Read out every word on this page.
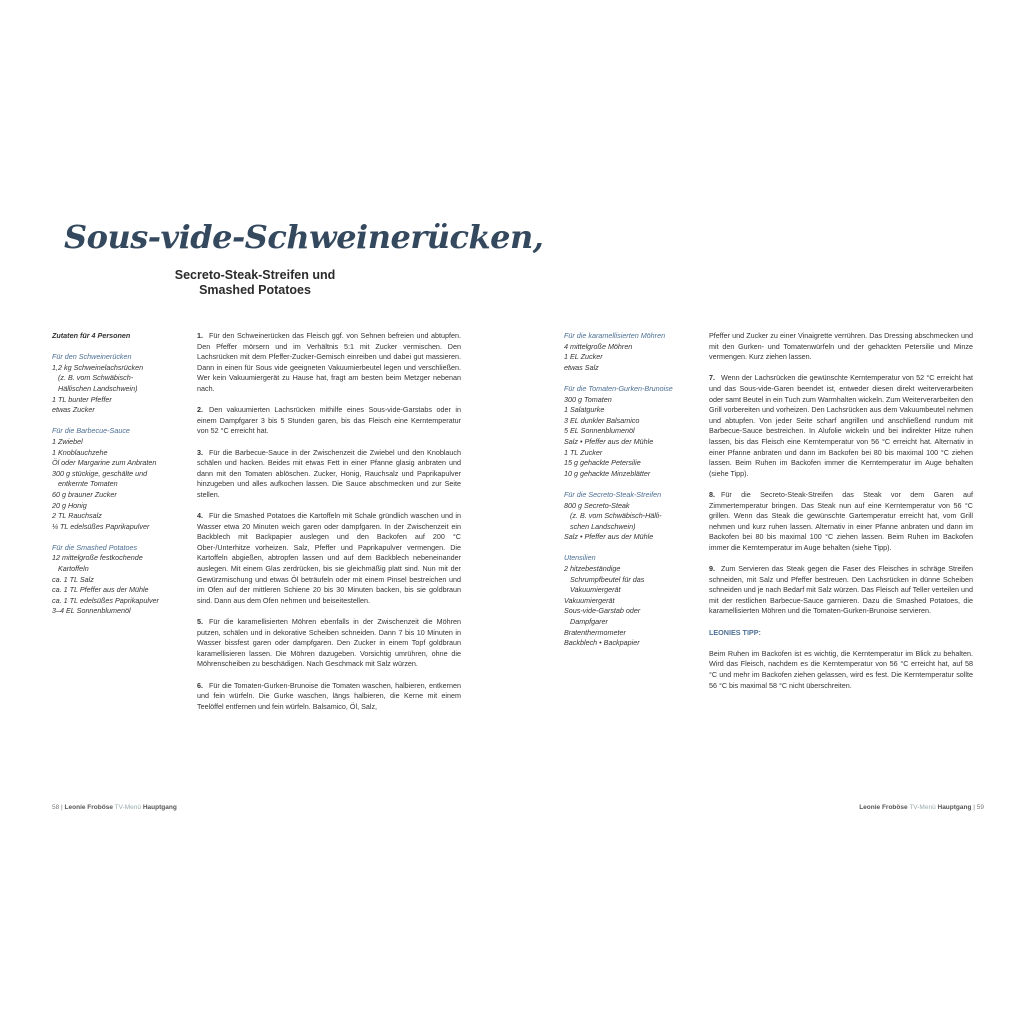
Sous-vide-Schweinerücken,
Secreto-Steak-Streifen und
Smashed Potatoes
Zutaten für 4 Personen
Für den Schweinerücken
1,2 kg Schweinelachsrücken
(z. B. vom Schwäbisch-
Hällischen Landschwein)
1 TL bunter Pfeffer
etwas Zucker
Für die Barbecue-Sauce
1 Zwiebel
1 Knoblauchzehe
Öl oder Margarine zum Anbraten
300 g stückige, geschälte und
entkernte Tomaten
60 g brauner Zucker
20 g Honig
2 TL Rauchsalz
¼ TL edelsüßes Paprikapulver
Für die Smashed Potatoes
12 mittelgroße festkochende
Kartoffeln
ca. 1 TL Salz
ca. 1 TL Pfeffer aus der Mühle
ca. 1 TL edelsüßes Paprikapulver
3–4 EL Sonnenblumenöl

1. Für den Schweinerücken das Fleisch ggf. von Sehnen befreien und abtupfen. Den Pfeffer mörsern und im Verhältnis 5:1 mit Zucker vermischen. Den Lachsrücken mit dem Pfeffer-Zucker-Gemisch einreiben und dabei gut massieren. Dann in einen für Sous vide geeigneten Vakuumierbeutel legen und verschließen. Wer kein Vakuumiergerät zu Hause hat, fragt am besten beim Metzger nebenan nach.

2. Den vakuumierten Lachsrücken mithilfe eines Sous-vide-Garstabs oder in einem Dampfgarer 3 bis 5 Stunden garen, bis das Fleisch eine Kerntemperatur von 52 °C erreicht hat.

3. Für die Barbecue-Sauce in der Zwischenzeit die Zwiebel und den Knoblauch schälen und hacken. Beides mit etwas Fett in einer Pfanne glasig anbraten und dann mit den Tomaten ablöschen. Zucker, Honig, Rauchsalz und Paprikapulver hinzugeben und alles aufkochen lassen. Die Sauce abschmecken und zur Seite stellen.

4. Für die Smashed Potatoes die Kartoffeln mit Schale gründlich waschen und in Wasser etwa 20 Minuten weich garen oder dampfgaren. In der Zwischenzeit ein Backblech mit Backpapier auslegen und den Backofen auf 200 °C Ober-/Unterhitze vorheizen. Salz, Pfeffer und Paprikapulver vermengen. Die Kartoffeln abgießen, abtropfen lassen und auf dem Backblech nebeneinander auslegen. Mit einem Glas zerdrücken, bis sie gleichmäßig platt sind. Nun mit der Gewürzmischung und etwas Öl beträufeln oder mit einem Pinsel bestreichen und im Ofen auf der mittleren Schiene 20 bis 30 Minuten backen, bis sie goldbraun sind. Dann aus dem Ofen nehmen und beiseitestellen.

5. Für die karamellisierten Möhren ebenfalls in der Zwischenzeit die Möhren putzen, schälen und in dekorative Scheiben schneiden. Dann 7 bis 10 Minuten in Wasser bissfest garen oder dampfgaren. Den Zucker in einem Topf goldbraun karamellisieren lassen. Die Möhren dazugeben. Vorsichtig umrühren, ohne die Möhrenscheiben zu beschädigen. Nach Geschmack mit Salz würzen.

6. Für die Tomaten-Gurken-Brunoise die Tomaten waschen, halbieren, entkernen und fein würfeln. Die Gurke waschen, längs halbieren, die Kerne mit einem Teelöffel entfernen und fein würfeln. Balsamico, Öl, Salz,

58 | Leonie Froböse TV-Menü Hauptgang
Für die karamellisierten Möhren
4 mittelgroße Möhren
1 EL Zucker
etwas Salz
Für die Tomaten-Gurken-Brunoise
300 g Tomaten
1 Salatgurke
3 EL dunkler Balsamico
5 EL Sonnenblumenöl
Salz • Pfeffer aus der Mühle
1 TL Zucker
15 g gehackte Petersilie
10 g gehackte Minzeblätter
Für die Secreto-Steak-Streifen
800 g Secreto-Steak
(z. B. vom Schwäbisch-Hälli-
schen Landschwein)
Salz • Pfeffer aus der Mühle
Utensilien
2 hitzebeständige
Schrumpfbeutel für das
Vakuumiergerät
Vakuumiergerät
Sous-vide-Garstab oder
Dampfgarer
Bratenthermometer
Backblech • Backpapier

Pfeffer und Zucker zu einer Vinaigrette verrühren. Das Dressing abschmecken und mit den Gurken- und Tomatenwürfeln und der gehackten Petersilie und Minze vermengen. Kurz ziehen lassen.

7. Wenn der Lachsrücken die gewünschte Kerntemperatur von 52 °C erreicht hat und das Sous-vide-Garen beendet ist, entweder diesen direkt weiterverarbeiten oder samt Beutel in ein Tuch zum Warmhalten wickeln. Zum Weiterverarbeiten den Grill vorbereiten und vorheizen. Den Lachsrücken aus dem Vakuumbeutel nehmen und abtupfen. Von jeder Seite scharf angrillen und anschließend rundum mit Barbecue-Sauce bestreichen. In Alufolie wickeln und bei indirekter Hitze ruhen lassen, bis das Fleisch eine Kerntemperatur von 56 °C erreicht hat. Alternativ in einer Pfanne anbraten und dann im Backofen bei 80 bis maximal 100 °C ziehen lassen. Beim Ruhen im Backofen immer die Kerntemperatur im Auge behalten (siehe Tipp).

8. Für die Secreto-Steak-Streifen das Steak vor dem Garen auf Zimmertemperatur bringen. Das Steak nun auf eine Kerntemperatur von 56 °C grillen. Wenn das Steak die gewünschte Gartemperatur erreicht hat, vom Grill nehmen und kurz ruhen lassen. Alternativ in einer Pfanne anbraten und dann im Backofen bei 80 bis maximal 100 °C ziehen lassen. Beim Ruhen im Backofen immer die Kerntemperatur im Auge behalten (siehe Tipp).

9. Zum Servieren das Steak gegen die Faser des Fleisches in schräge Streifen schneiden, mit Salz und Pfeffer bestreuen. Den Lachsrücken in dünne Scheiben schneiden und je nach Bedarf mit Salz würzen. Das Fleisch auf Teller verteilen und mit der restlichen Barbecue-Sauce garnieren. Dazu die Smashed Potatoes, die karamellisierten Möhren und die Tomaten-Gurken-Brunoise servieren.

LEONIES TIPP:

Beim Ruhen im Backofen ist es wichtig, die Kerntemperatur im Blick zu behalten. Wird das Fleisch, nachdem es die Kerntemperatur von 56 °C erreicht hat, auf 58 °C und mehr im Backofen ziehen gelassen, wird es fest. Die Kerntemperatur sollte 56 °C bis maximal 58 °C nicht überschreiten.

Leonie Froböse TV-Menü Hauptgang | 59
